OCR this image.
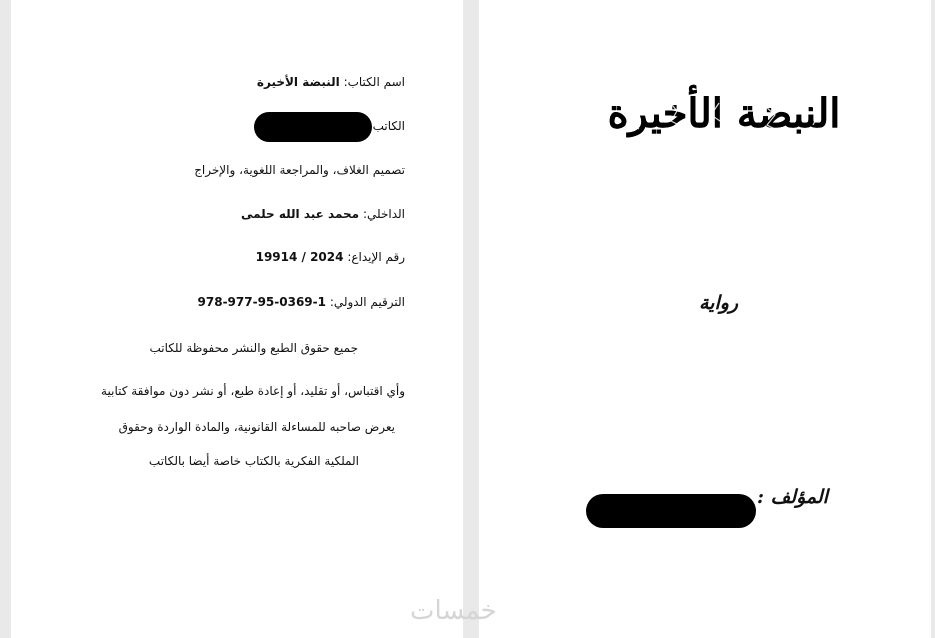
اسم الكتاب: النبضة الأخيرة
الكاتب
تصميم الغلاف، والمراجعة اللغوية، والإخراج
الداخلي: محمد عبد الله حلمى
رقم الإيداع: 19914 / 2024
الترقيم الدولي: 978-977-95-0369-1
جميع حقوق الطبع والنشر محفوظة للكاتب
وأي اقتباس، أو تقليد، أو إعادة طبع، أو نشر دون موافقة كتابية
يعرض صاحبه للمساءلة القانونية، والمادة الواردة وحقوق
الملكية الفكرية بالكتاب خاصة أيضا بالكاتب
النبضة الأخيرة
رواية
المؤلف :
خمسات
